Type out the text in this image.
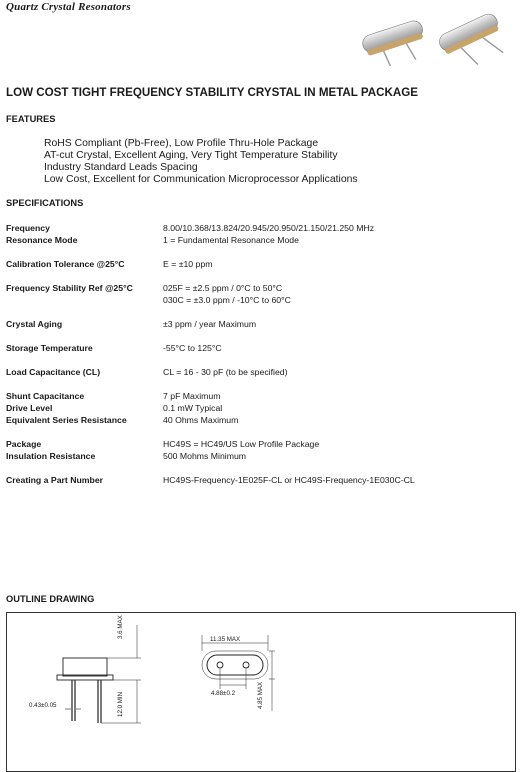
Quartz Crystal Resonators
LOW COST TIGHT FREQUENCY STABILITY CRYSTAL IN METAL PACKAGE
FEATURES
RoHS Compliant (Pb-Free), Low Profile Thru-Hole Package
AT-cut Crystal, Excellent Aging, Very Tight Temperature Stability
Industry Standard Leads Spacing
Low Cost, Excellent for Communication Microprocessor Applications
SPECIFICATIONS
Frequency	8.00/10.368/13.824/20.945/20.950/21.150/21.250 MHz
Resonance Mode	1 = Fundamental Resonance Mode
Calibration Tolerance @25°C	E = ±10 ppm
Frequency Stability Ref @25°C	025F = ±2.5 ppm / 0°C to 50°C
030C = ±3.0 ppm / -10°C to 60°C
Crystal Aging	±3 ppm / year Maximum
Storage Temperature	-55°C to 125°C
Load Capacitance (CL)	CL = 16 - 30 pF (to be specified)
Shunt Capacitance	7 pF Maximum
Drive Level	0.1 mW Typical
Equivalent Series Resistance	40 Ohms Maximum
Package	HC49S = HC49/US Low Profile Package
Insulation Resistance	500 Mohms Minimum
Creating a Part Number	HC49S-Frequency-1E025F-CL or HC49S-Frequency-1E030C-CL
OUTLINE DRAWING
3.6 MAX
12.0 MIN
0.43±0.05
11.35 MAX
4.88±0.2	4.85 MAX
